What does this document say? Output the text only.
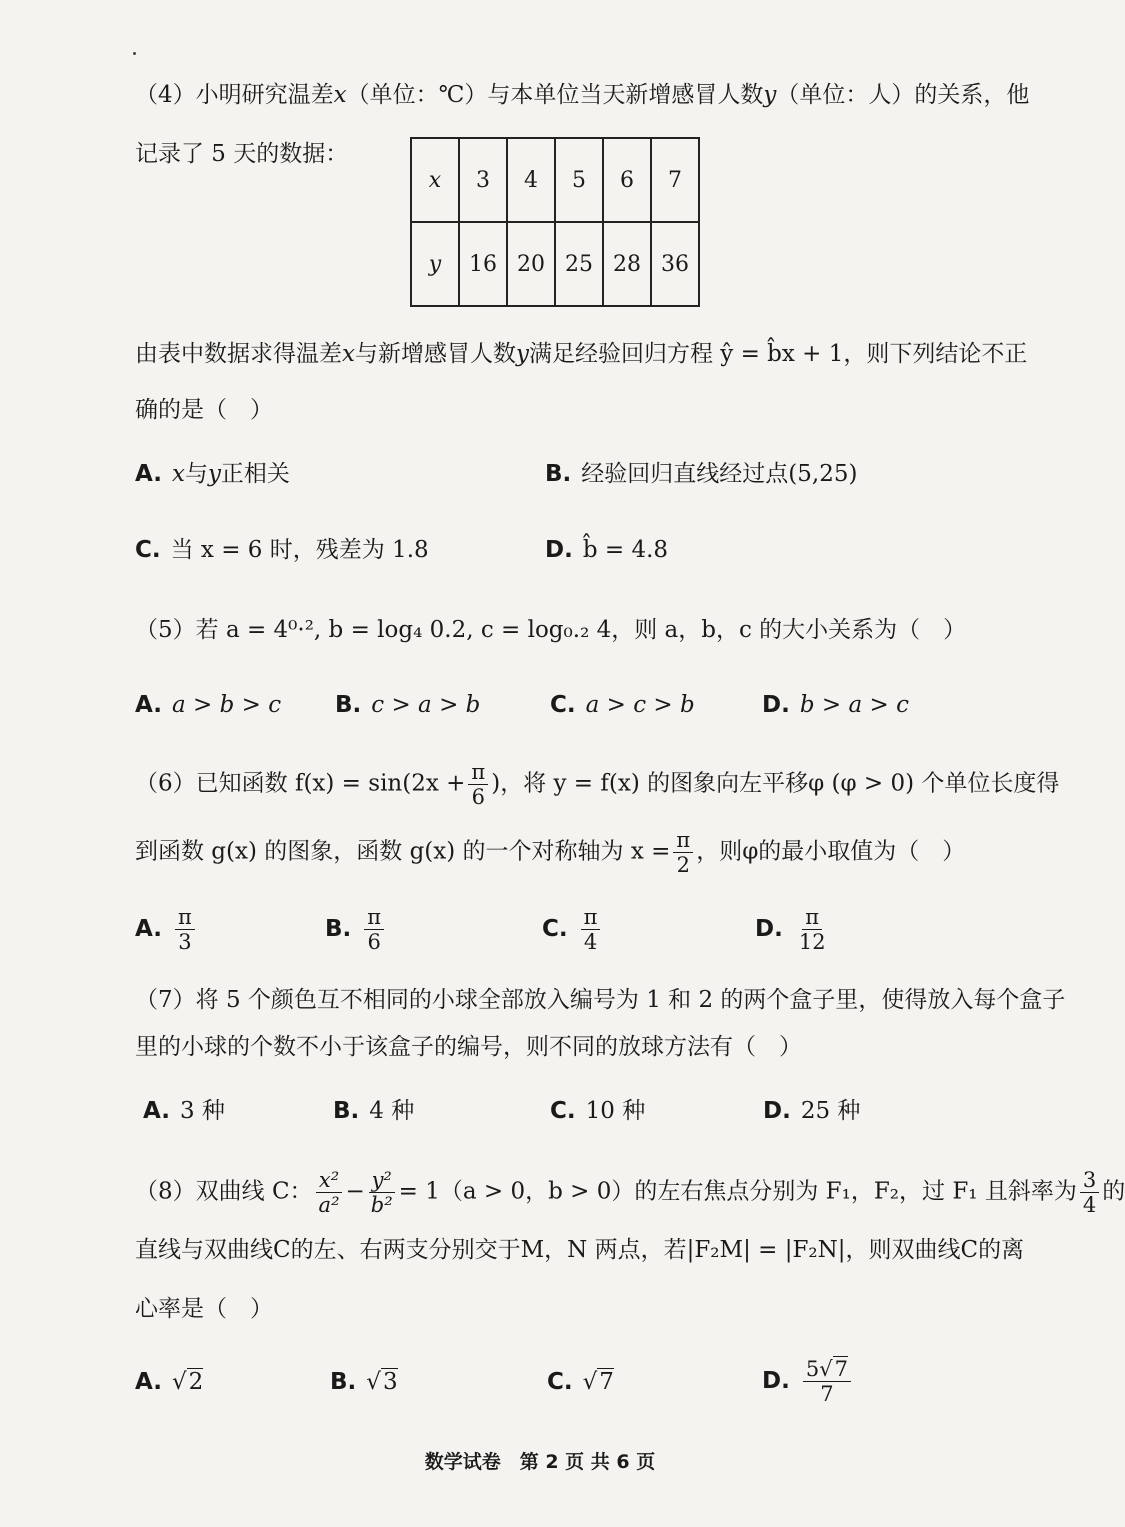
（4）小明研究温差𝑥（单位：℃）与本单位当天新增感冒人数𝑦（单位：人）的关系，他
记录了 5 天的数据：
x	3	4	5	6	7
y	16	20	25	28	36
由表中数据求得温差𝑥与新增感冒人数𝑦满足经验回归方程 ŷ = b̂x + 1，则下列结论不正
确的是（　）
A. 𝑥与𝑦正相关	B. 经验回归直线经过点(5,25)
C. 当 x = 6 时，残差为 1.8	D. b̂ = 4.8
（5）若 a = 4⁰·², b = log₄ 0.2, c = log₀.₂ 4，则 a，b，c 的大小关系为（　）
A. a > b > c B. c > a > b	C. a > c > b	D. b > a > c
（6）已知函数 $f(x) = \sin(2x + \frac{\pi}{6}$ )，将 y = f(x) 的图象向左平移φ (φ > 0) 个单位长度得
到函数 g(x) 的图象，函数 g(x) 的一个对称轴为 $x = \frac{\pi}{2}$ ，则φ的最小取值为（　）
A. $\frac{\pi}{3}$	B. $\frac{\pi}{6}$	C. $\frac{\pi}{4}$	D. $\frac{\pi}{12}$
（7）将 5 个颜色互不相同的小球全部放入编号为 1 和 2 的两个盒子里，使得放入每个盒子
里的小球的个数不小于该盒子的编号，则不同的放球方法有（　）
A. 3 种	B. 4 种	C. 10 种	D. 25 种
（8）双曲线 C： $\frac{\text{x²}}{\text{a²}} - \frac{\text{y²}}{\text{b²}} = 1(a > 0$，b > 0）的左右焦点分别为 F₁，F₂，过 F₁ 且斜率为 $\frac{3}{4}$ 的
直线与双曲线C的左、右两支分别交于M，N 两点，若|F₂M| = |F₂N|，则双曲线C的离
心率是（　）
A. √2	B. √3	C. √7	D. $\frac{5√7}{7}$
数学试卷　第 2 页 共 6 页
